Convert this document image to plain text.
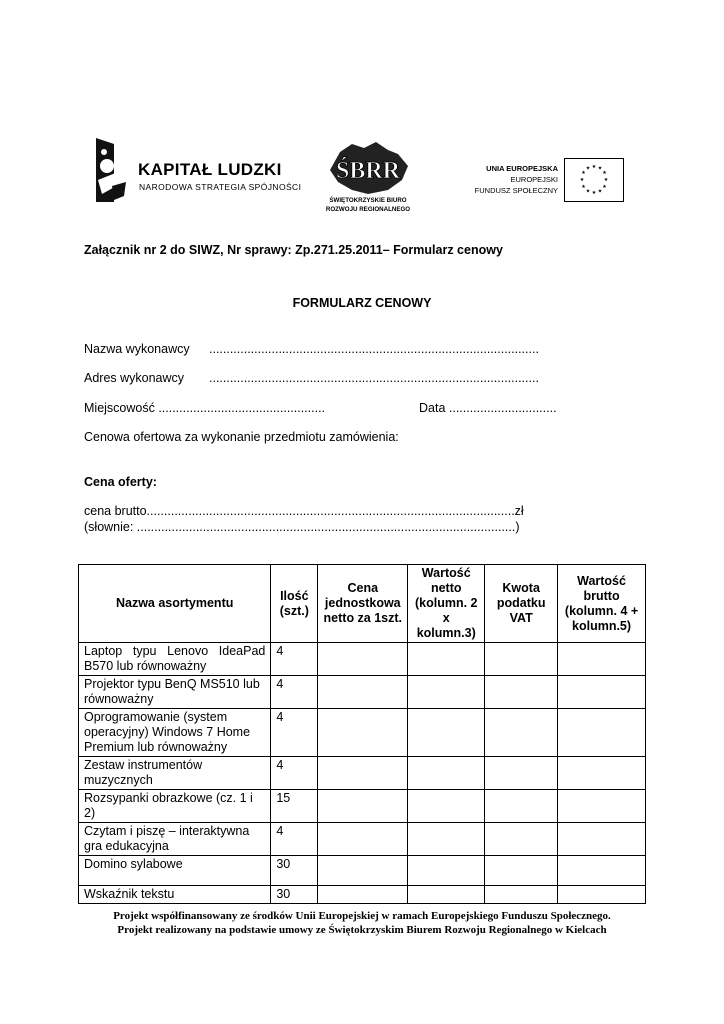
KAPITAŁ LUDZKI
NARODOWA STRATEGIA SPÓJNOŚCI
ŚBRR
ŚWIĘTOKRZYSKIE BIURO
ROZWOJU REGIONALNEGO
UNIA EUROPEJSKA
EUROPEJSKI
FUNDUSZ SPOŁECZNY
★ ★
★
★
★
★
★
★
★
★
★
★
Załącznik nr 2 do SIWZ, Nr sprawy: Zp.271.25.2011– Formularz cenowy
FORMULARZ CENOWY
Nazwa wykonawcy ...............................................................................................
Adres wykonawcy ...............................................................................................
Miejscowość ................................................	Data ...............................
Cenowa ofertowa za wykonanie przedmiotu zamówienia:
Cena oferty:
cena brutto..........................................................................................................zł
(słownie: .............................................................................................................)
Nazwa asortymentu	Ilość (szt.)	Cena jednostkowa netto za 1szt.	Wartość netto (kolumn. 2 x kolumn.3)	Kwota podatku VAT	Wartość brutto (kolumn. 4 + kolumn.5)
Laptop typu Lenovo IdeaPad B570 lub równoważny	4				
Projektor typu BenQ MS510 lub równoważny	4				
Oprogramowanie (system operacyjny) Windows 7 Home Premium lub równoważny	4				
Zestaw instrumentów muzycznych	4				
Rozsypanki obrazkowe (cz. 1 i 2)	15				
Czytam i piszę – interaktywna gra edukacyjna	4				
Domino sylabowe	30				
Wskaźnik tekstu	30				
Projekt współfinansowany ze środków Unii Europejskiej w ramach Europejskiego Funduszu Społecznego.
Projekt realizowany na podstawie umowy ze Świętokrzyskim Biurem Rozwoju Regionalnego w Kielcach
